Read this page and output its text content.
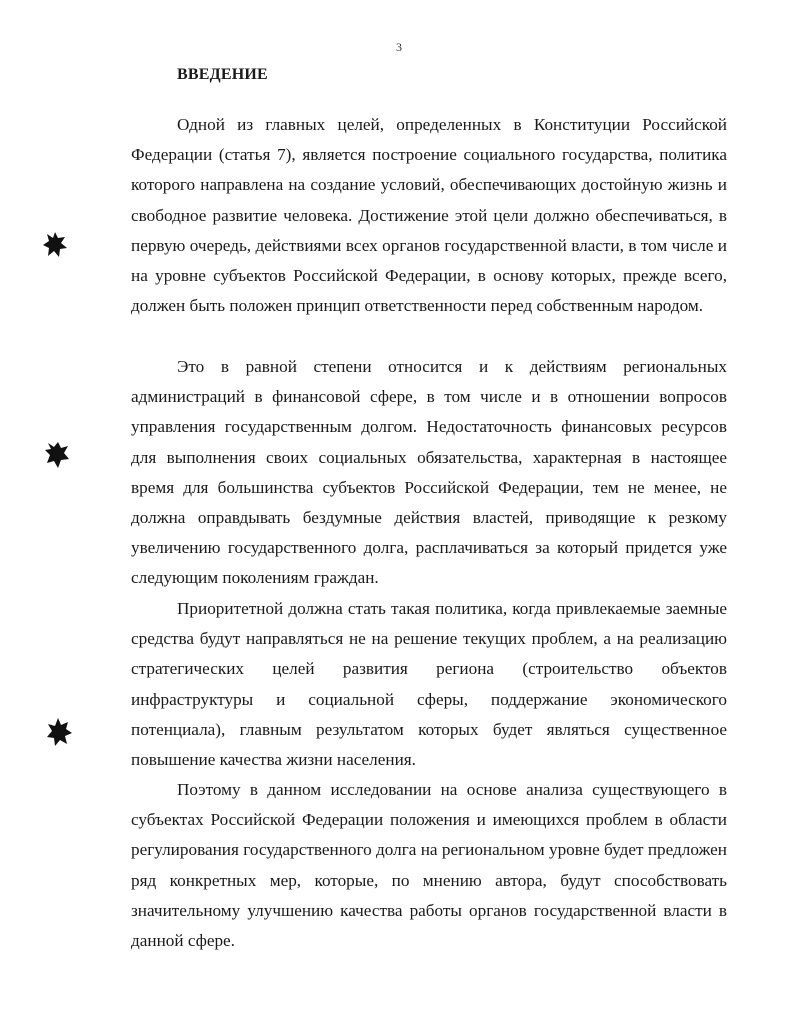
3
ВВЕДЕНИЕ

Одной из главных целей, определенных в Конституции Российской Федерации (статья 7), является построение социального государства, политика которого направлена на создание условий, обеспечивающих достойную жизнь и свободное развитие человека. Достижение этой цели должно обеспечиваться, в первую очередь, действиями всех органов государственной власти, в том числе и на уровне субъектов Российской Федерации, в основу которых, прежде всего, должен быть положен принцип ответственности перед собственным народом.

Это в равной степени относится и к действиям региональных администраций в финансовой сфере, в том числе и в отношении вопросов управления государственным долгом. Недостаточность финансовых ресурсов для выполнения своих социальных обязательства, характерная в настоящее время для большинства субъектов Российской Федерации, тем не менее, не должна оправдывать бездумные действия властей, приводящие к резкому увеличению государственного долга, расплачиваться за который придется уже следующим поколениям граждан.

Приоритетной должна стать такая политика, когда привлекаемые заемные средства будут направляться не на решение текущих проблем, а на реализацию стратегических целей развития региона (строительство объектов инфраструктуры и социальной сферы, поддержание экономического потенциала), главным результатом которых будет являться существенное повышение качества жизни населения.

Поэтому в данном исследовании на основе анализа существующего в субъектах Российской Федерации положения и имеющихся проблем в области регулирования государственного долга на региональном уровне будет предложен ряд конкретных мер, которые, по мнению автора, будут способствовать значительному улучшению качества работы органов государственной власти в данной сфере.
